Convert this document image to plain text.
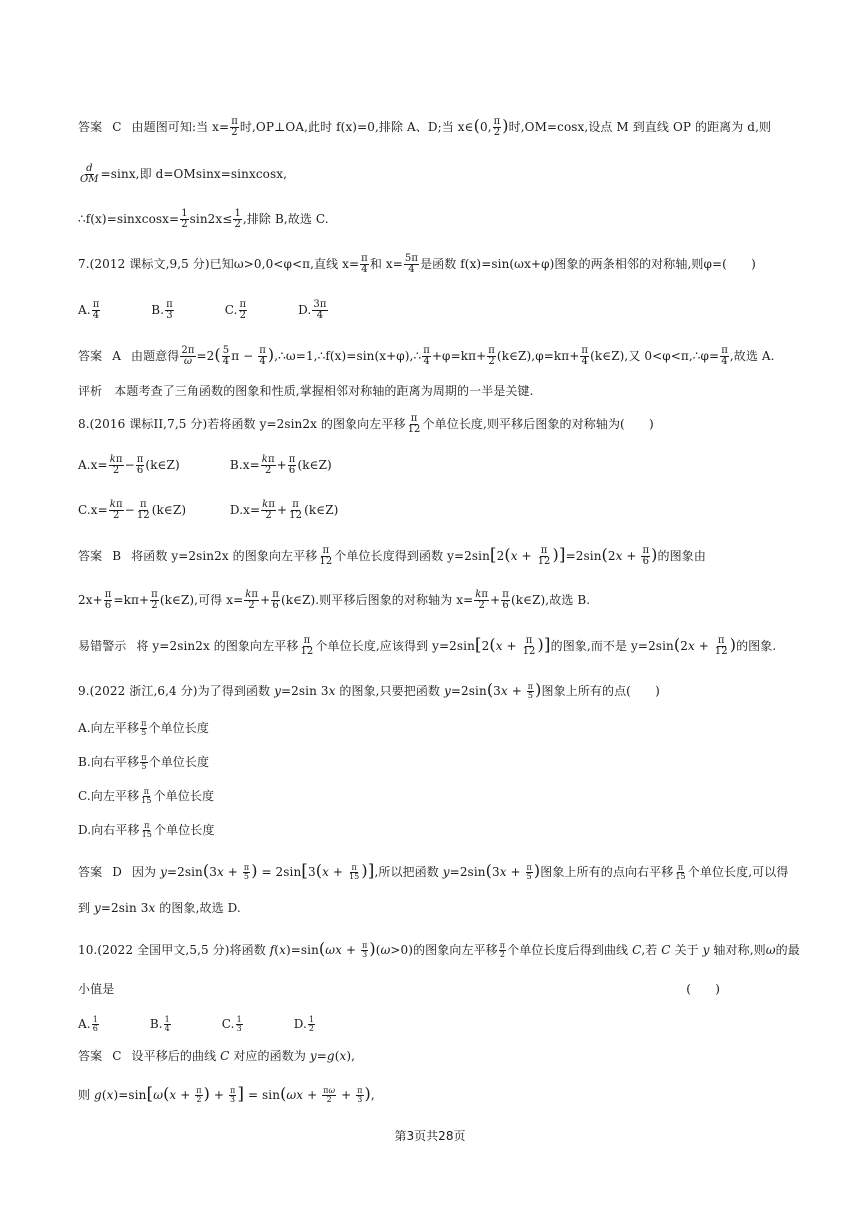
答案 C 由题图可知:当 $x= \frac{\pi}{2}$ 时,OP⊥OA,此时 f(x)=0,排除 A、D;当 x∈(0, $\frac{\pi}{2}$ )时,OM=cosx,设点 M 到直线 OP 的距离为 d,则
$\frac{d}{OM} =\sin x$,即 d=OMsinx=sinxcosx,
∴f(x)=sinxcosx= $\frac{1}{2} \sin 2x\le \frac{1}{2}$ ,排除 B,故选 C.
7.(2012 课标文,9,5 分)已知ω>0,0<φ<π,直线 $x= \frac{\pi}{4}$ 和 $x= \frac{5\pi}{4}$ 是函数 f(x)=sin(ωx+φ)图象的两条相邻的对称轴,则φ=(　　)
A. $\frac{\pi}{4}$	B. $\frac{\pi}{3}$	C. $\frac{\pi}{2}$	D. $\frac{3\pi}{4}$
答案 A 由题意得 $\frac{2\pi}{\omega} =2( \frac{5}{4}$ $\pi - \frac{\pi}{4}$ ),∴ω=1,∴f(x)=sin(x+φ),∴ $\frac{\pi}{4} +\varphi=k\pi+ \frac{\pi}{2}$ (k∈Z),φ=kπ+ $\frac{\pi}{4}$ (k∈Z),又 0<φ<π,∴φ= $\frac{\pi}{4}$ ,故选 A.
评析　本题考查了三角函数的图象和性质,掌握相邻对称轴的距离为周期的一半是关键.
8.(2016 课标II,7,5 分)若将函数 y=2sin2x 的图象向左平移 $\frac{\pi}{12}$ 个单位长度,则平移后图象的对称轴为(　　)
$A.x= \frac{k\pi}{2} - \frac{\pi}{6}$ (k∈Z)	$B.x= \frac{k\pi}{2} + \frac{\pi}{6}$ (k∈Z)
$C.x= \frac{k\pi}{2} - \frac{\pi}{12}$ (k∈Z)	$D.x= \frac{k\pi}{2} + \frac{\pi}{12}$ (k∈Z)
答案 B 将函数 y=2sin2x 的图象向左平移 $\frac{\pi}{12}$ 个单位长度得到函数 $y=2\sin[2(x + \frac{\pi}{12} )]=2\sin(2x + \frac{\pi}{6}$ )的图象由
$2x+ \frac{\pi}{6} =k\pi+ \frac{\pi}{2}$ (k∈Z),可得 $x= \frac{k\pi}{2} + \frac{\pi}{6}$ (k∈Z).则平移后图象的对称轴为 $x= \frac{k\pi}{2} + \frac{\pi}{6}$ (k∈Z),故选 B.
易错警示 将 y=2sin2x 的图象向左平移 $\frac{\pi}{12}$ 个单位长度,应该得到 $y=2\sin[2(x + \frac{\pi}{12}$ )]的图象,而不是 $y=2\sin(2x + \frac{\pi}{12}$ )的图象.
9.(2022 浙江,6,4 分)为了得到函数 y=2sin 3x 的图象,只要把函数 $y=2\sin(3x + \frac{\pi}{5}$ )图象上所有的点(　　)
A.向左平移 $\frac{\pi}{5}$ 个单位长度
B.向右平移 $\frac{\pi}{5}$ 个单位长度
C.向左平移 $\frac{\pi}{15}$ 个单位长度
D.向右平移 $\frac{\pi}{15}$ 个单位长度
答案 D 因为 $y=2\sin(3x + \frac{\pi}{5}$ ) = $2\sin[3(x + \frac{\pi}{15}$ )],所以把函数 $y=2\sin(3x + \frac{\pi}{5}$ )图象上所有的点向右平移 $\frac{\pi}{15}$ 个单位长度,可以得
到 y=2sin 3x 的图象,故选 D.
10.(2022 全国甲文,5,5 分)将函数 $f(x)=\sin(\omega x + \frac{\pi}{3} )(\omega>0)$的图象向左平移 $\frac{\pi}{2}$ 个单位长度后得到曲线 C,若 C 关于 y 轴对称,则ω的最
小值是	(　　)
A. $\frac{1}{6}$	B. $\frac{1}{4}$	C. $\frac{1}{3}$	D. $\frac{1}{2}$
答案 C 设平移后的曲线 C 对应的函数为 y=g(x),
则 $g(x)=\sin[\omega(x + \frac{\pi}{2}$ ) + $\frac{\pi}{3}$ ] = $\sin(\omega x + \frac{\pi\omega}{2} + \frac{\pi}{3}$ ),
第3页共28页
